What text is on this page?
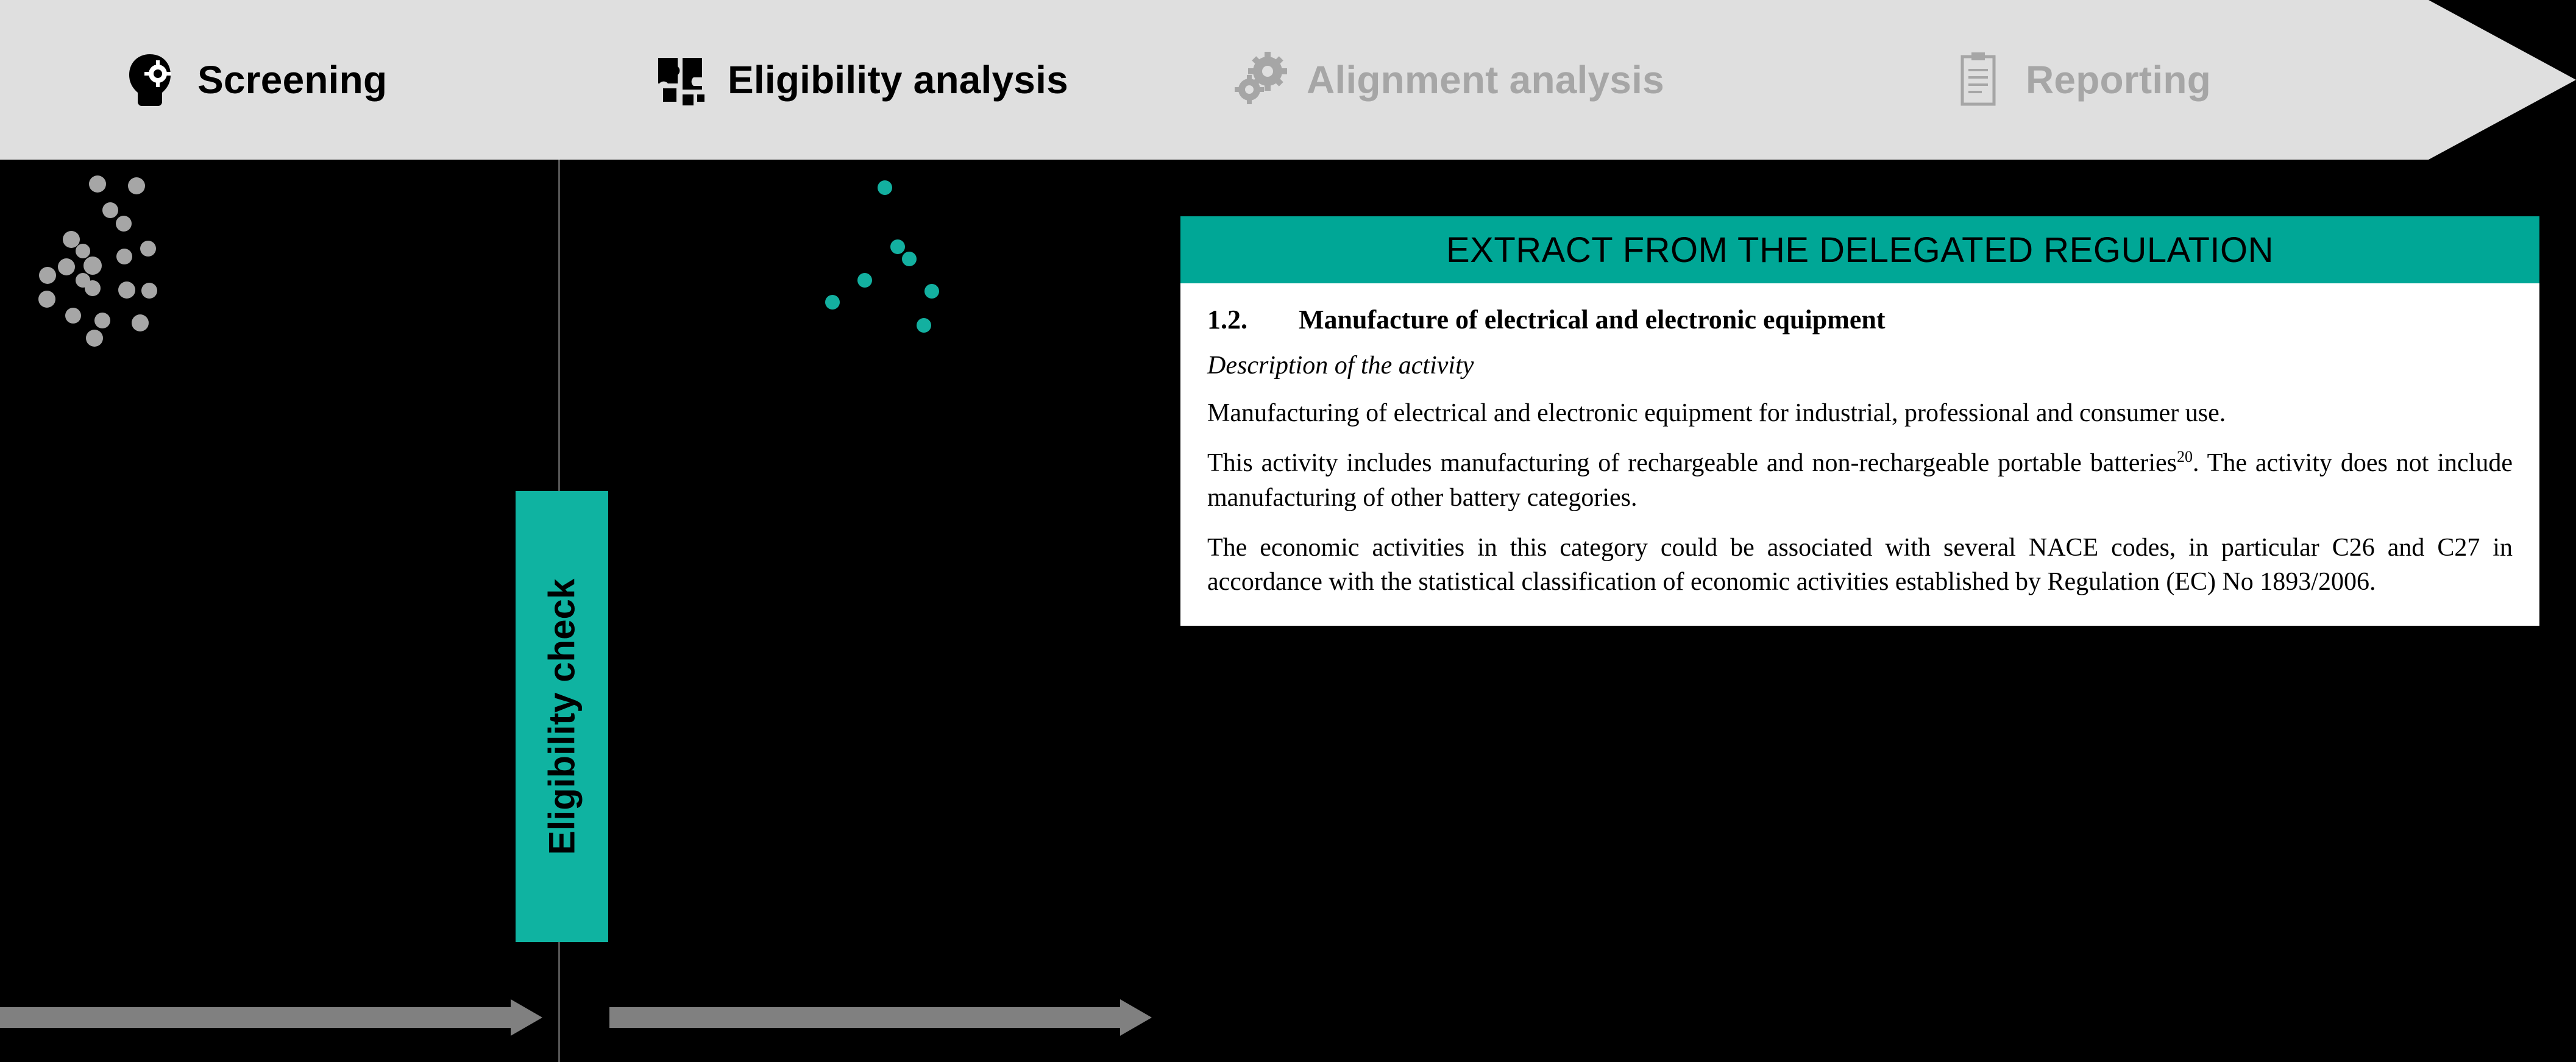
Screening	Eligibility analysis	Alignment analysis	Reporting
Eligibility check
EXTRACT FROM THE DELEGATED REGULATION
1.2.	Manufacture of electrical and electronic equipment
Description of the activity

Manufacturing of electrical and electronic equipment for industrial, professional and consumer use.

This activity includes manufacturing of rechargeable and non-rechargeable portable batteries$^{20}$. The activity does not include manufacturing of other battery categories.

The economic activities in this category could be associated with several NACE codes, in particular C26 and C27 in accordance with the statistical classification of economic activities established by Regulation (EC) No 1893/2006.
